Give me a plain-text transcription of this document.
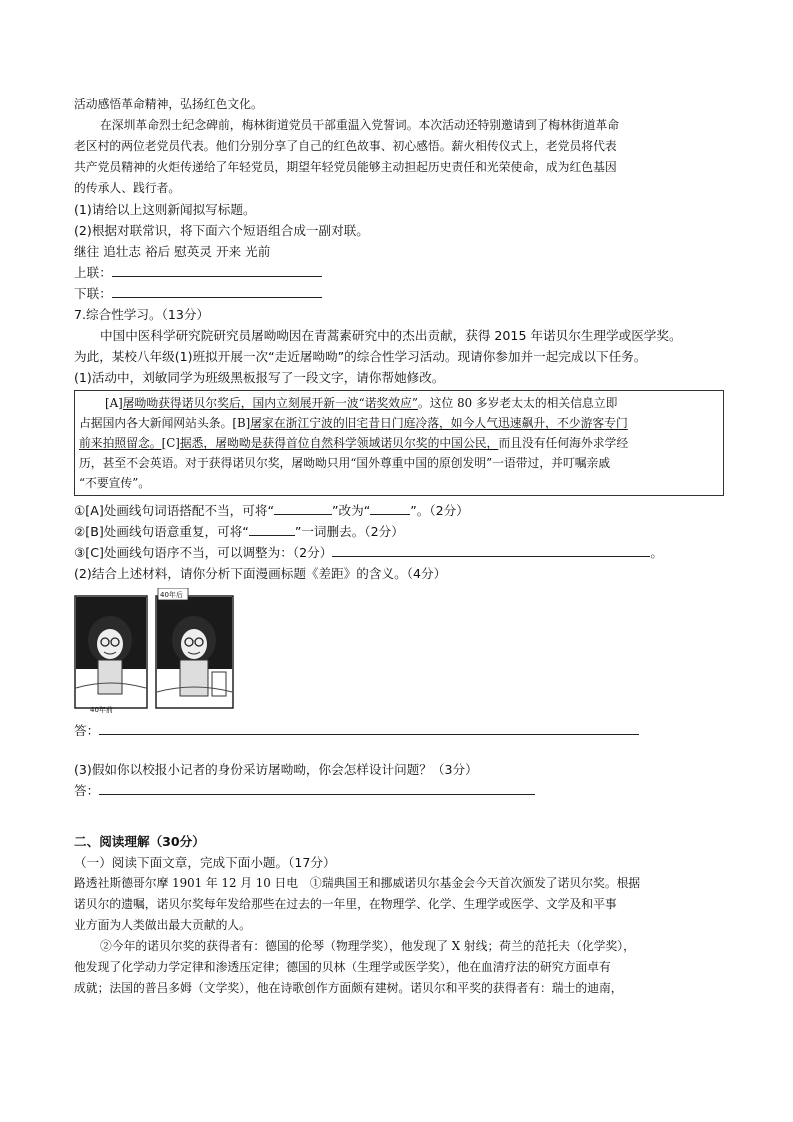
活动感悟革命精神，弘扬红色文化。
在深圳革命烈士纪念碑前，梅林街道党员干部重温入党誓词。本次活动还特别邀请到了梅林街道革命
老区村的两位老党员代表。他们分别分享了自己的红色故事、初心感悟。薪火相传仪式上，老党员将代表
共产党员精神的火炬传递给了年轻党员，期望年轻党员能够主动担起历史责任和光荣使命，成为红色基因
的传承人、践行者。
(1)请给以上这则新闻拟写标题。
(2)根据对联常识，将下面六个短语组合成一副对联。
继往 追壮志 裕后 慰英灵 开来 光前
上联：
下联：
7.综合性学习。（13分）
中国中医科学研究院研究员屠呦呦因在青蒿素研究中的杰出贡献，获得 2015 年诺贝尔生理学或医学奖。
为此，某校八年级(1)班拟开展一次“走近屠呦呦”的综合性学习活动。现请你参加并一起完成以下任务。
(1)活动中，刘敏同学为班级黑板报写了一段文字，请你帮她修改。
[A]屠呦呦获得诺贝尔奖后，国内立刻展开新一波“诺奖效应”。这位 80 多岁老太太的相关信息立即
占据国内各大新闻网站头条。[B]屠家在浙江宁波的旧宅昔日门庭冷落，如今人气迅速飙升，不少游客专门
前来拍照留念。[C]据悉，屠呦呦是获得首位自然科学领域诺贝尔奖的中国公民，而且没有任何海外求学经
历，甚至不会英语。对于获得诺贝尔奖，屠呦呦只用“国外尊重中国的原创发明”一语带过，并叮嘱亲戚
“不要宣传”。
①[A]处画线句词语搭配不当，可将“	”改为“	”。（2分）
②[B]处画线句语意重复，可将“	”一词删去。（2分）
③[C]处画线句语序不当，可以调整为：（2分）	。
(2)结合上述材料，请你分析下面漫画标题《差距》的含义。（4分）
40年后
40年前
答：
(3)假如你以校报小记者的身份采访屠呦呦，你会怎样设计问题？（3分）
答：
二、阅读理解（30分）
（一）阅读下面文章，完成下面小题。（17分）
路透社斯德哥尔摩 1901 年 12 月 10 日电　①瑞典国王和挪威诺贝尔基金会今天首次颁发了诺贝尔奖。根据
诺贝尔的遗嘱，诺贝尔奖每年发给那些在过去的一年里，在物理学、化学、生理学或医学、文学及和平事
业方面为人类做出最大贡献的人。
②今年的诺贝尔奖的获得者有：德国的伦琴（物理学奖），他发现了 X 射线；荷兰的范托夫（化学奖），
他发现了化学动力学定律和渗透压定律；德国的贝林（生理学或医学奖），他在血清疗法的研究方面卓有
成就；法国的普吕多姆（文学奖），他在诗歌创作方面颇有建树。诺贝尔和平奖的获得者有：瑞士的迪南，
